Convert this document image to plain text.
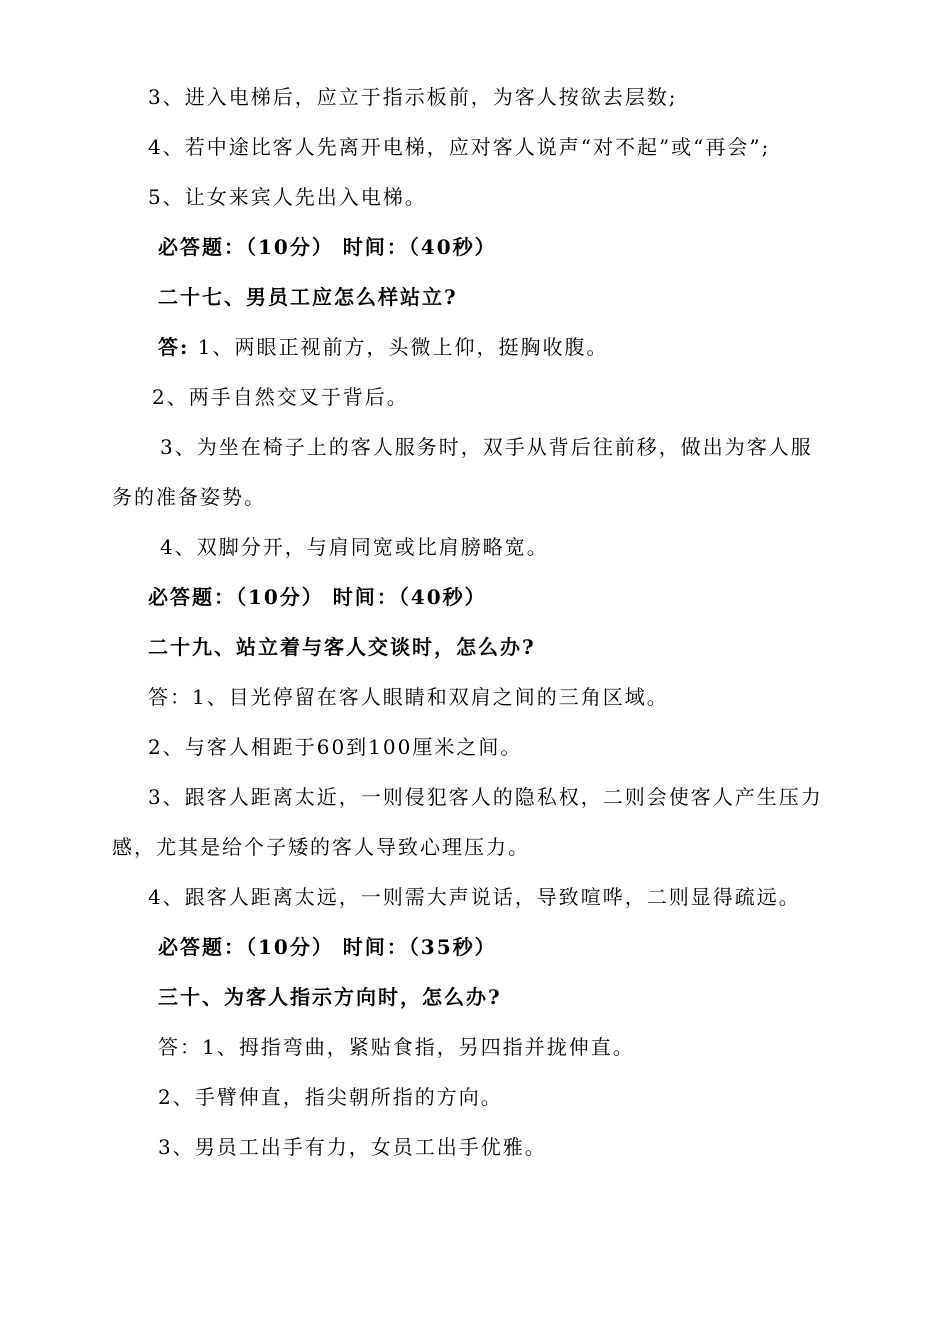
3、进入电梯后，应立于指示板前，为客人按欲去层数;
4、若中途比客人先离开电梯，应对客人说声“对不起”或“再会”;
5、让女来宾人先出入电梯。
必答题：（10分） 时间：（40秒）
二十七、男员工应怎么样站立?
答: 1、两眼正视前方，头微上仰，挺胸收腹。
2、两手自然交叉于背后。
3、为坐在椅子上的客人服务时，双手从背后往前移，做出为客人服
务的准备姿势。
4、双脚分开，与肩同宽或比肩膀略宽。
必答题：（10分） 时间：（40秒）
二十九、站立着与客人交谈时，怎么办?
答：1、目光停留在客人眼睛和双肩之间的三角区域。
2、与客人相距于60到100厘米之间。
3、跟客人距离太近，一则侵犯客人的隐私权，二则会使客人产生压力
感，尤其是给个子矮的客人导致心理压力。
4、跟客人距离太远，一则需大声说话，导致喧哗，二则显得疏远。
必答题：（10分） 时间：（35秒）
三十、为客人指示方向时，怎么办?
答：1、拇指弯曲，紧贴食指，另四指并拢伸直。
2、手臂伸直，指尖朝所指的方向。
3、男员工出手有力，女员工出手优雅。
